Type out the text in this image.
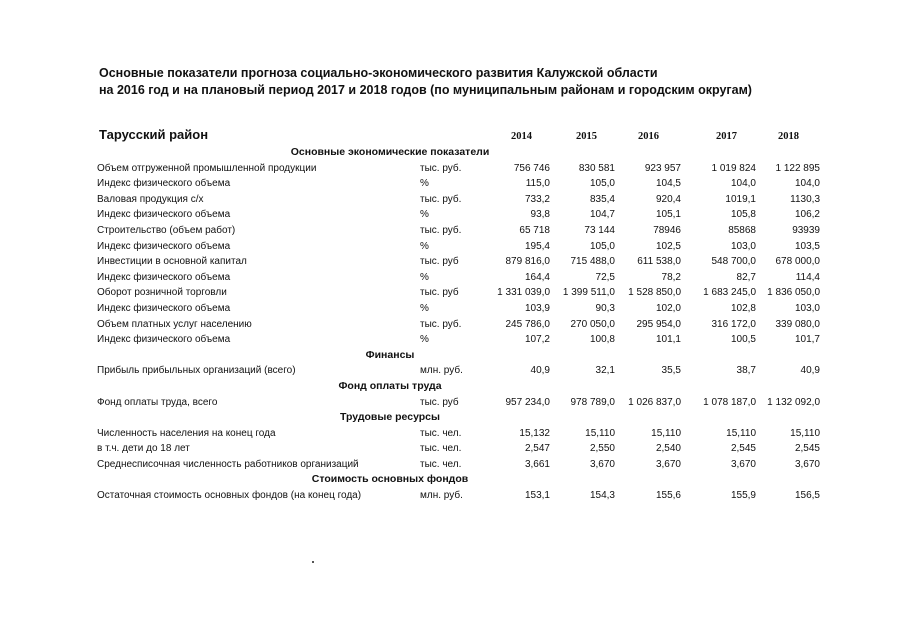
Основные показатели прогноза социально-экономического развития Калужской области
на 2016 год и на плановый период 2017 и 2018 годов (по муниципальным районам и городским округам)
Тарусский район	2014	2015	2016	2017	2018
Основные экономические показатели
Объем отгруженной промышленной продукции	тыс. руб.	756 746	830 581	923 957	1 019 824	1 122 895
Индекс физического объема	%	115,0	105,0	104,5	104,0	104,0
Валовая продукция с/х	тыс. руб.	733,2	835,4	920,4	1019,1	1130,3
Индекс физического объема	%	93,8	104,7	105,1	105,8	106,2
Строительство (объем работ)	тыс. руб.	65 718	73 144	78946	85868	93939
Индекс физического объема	%	195,4	105,0	102,5	103,0	103,5
Инвестиции в основной капитал	тыс. руб	879 816,0	715 488,0	611 538,0	548 700,0	678 000,0
Индекс физического объема	%	164,4	72,5	78,2	82,7	114,4
Оборот розничной торговли	тыс. руб	1 331 039,0	1 399 511,0	1 528 850,0	1 683 245,0	1 836 050,0
Индекс физического объема	%	103,9	90,3	102,0	102,8	103,0
Объем платных услуг населению	тыс. руб.	245 786,0	270 050,0	295 954,0	316 172,0	339 080,0
Индекс физического объема	%	107,2	100,8	101,1	100,5	101,7
Финансы
Прибыль прибыльных организаций (всего)	млн. руб.	40,9	32,1	35,5	38,7	40,9
Фонд оплаты труда
Фонд оплаты труда, всего	тыс. руб	957 234,0	978 789,0	1 026 837,0	1 078 187,0	1 132 092,0
Трудовые ресурсы
Численность населения на конец года	тыс. чел.	15,132	15,110	15,110	15,110	15,110
в т.ч. дети до 18 лет	тыс. чел.	2,547	2,550	2,540	2,545	2,545
Среднесписочная численность работников организаций	тыс. чел.	3,661	3,670	3,670	3,670	3,670
Стоимость основных фондов
Остаточная стоимость основных фондов (на конец года)	млн. руб.	153,1	154,3	155,6	155,9	156,5
